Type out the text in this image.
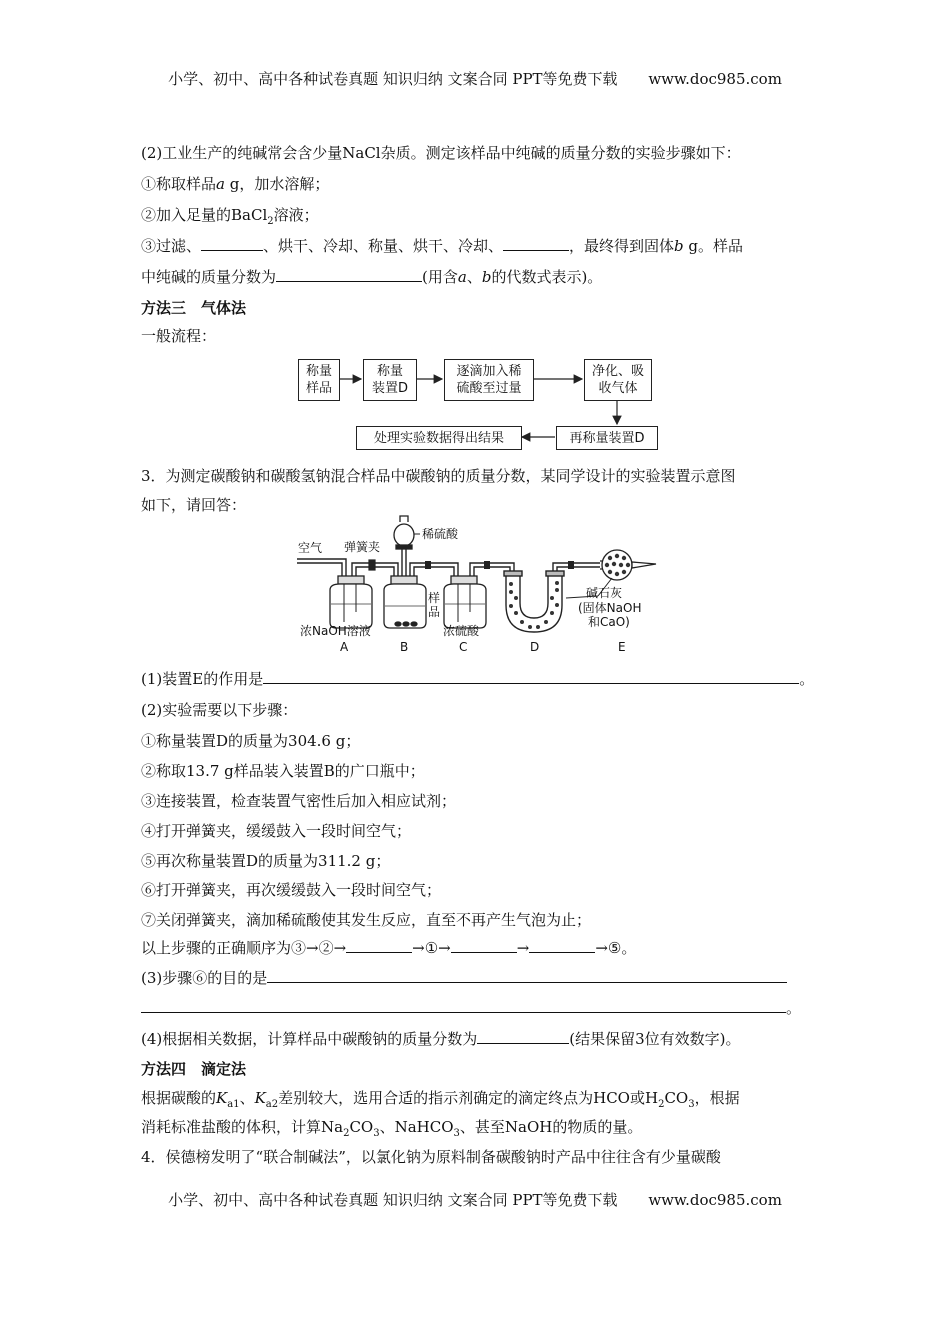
小学、初中、高中各种试卷真题 知识归纳 文案合同 PPT等免费下载 www.doc985.com
(2)工业生产的纯碱常会含少量NaCl杂质。测定该样品中纯碱的质量分数的实验步骤如下：
①称取样品a g，加水溶解；
②加入足量的BaCl$_2$溶液；
③过滤、	、烘干、冷却、称量、烘干、冷却、	，最终得到固体b g。样品
中纯碱的质量分数为	(用含a、b的代数式表示)。
方法三　气体法
一般流程：
称量
样品
称量
装置D
逐滴加入稀
硫酸至过量
净化、吸
收气体
再称量装置D
处理实验数据得出结果
3．为测定碳酸钠和碳酸氢钠混合样品中碳酸钠的质量分数，某同学设计的实验装置示意图
如下，请回答：
空气 弹簧夹
稀硫酸
样
品
碱石灰
(固体NaOH
和CaO)
浓NaOH溶液	浓硫酸
A	B	C	D	E
(1)装置E的作用是	。
(2)实验需要以下步骤：
①称量装置D的质量为304.6 g；
②称取13.7 g样品装入装置B的广口瓶中；
③连接装置，检查装置气密性后加入相应试剂；
④打开弹簧夹，缓缓鼓入一段时间空气；
⑤再次称量装置D的质量为311.2 g；
⑥打开弹簧夹，再次缓缓鼓入一段时间空气；
⑦关闭弹簧夹，滴加稀硫酸使其发生反应，直至不再产生气泡为止；
以上步骤的正确顺序为③→②→	→①→	→	→⑤。
(3)步骤⑥的目的是
。
(4)根据相关数据，计算样品中碳酸钠的质量分数为	(结果保留3位有效数字)。
方法四　滴定法
根据碳酸的$K_{a1}$、$K_{a2}$差别较大，选用合适的指示剂确定的滴定终点为HCO或$H_2CO_3$，根据
消耗标准盐酸的体积，计算$Na_2CO_3$、NaHCO$_3$、甚至NaOH的物质的量。
4．侯德榜发明了“联合制碱法”，以氯化钠为原料制备碳酸钠时产品中往往含有少量碳酸
小学、初中、高中各种试卷真题 知识归纳 文案合同 PPT等免费下载 www.doc985.com
